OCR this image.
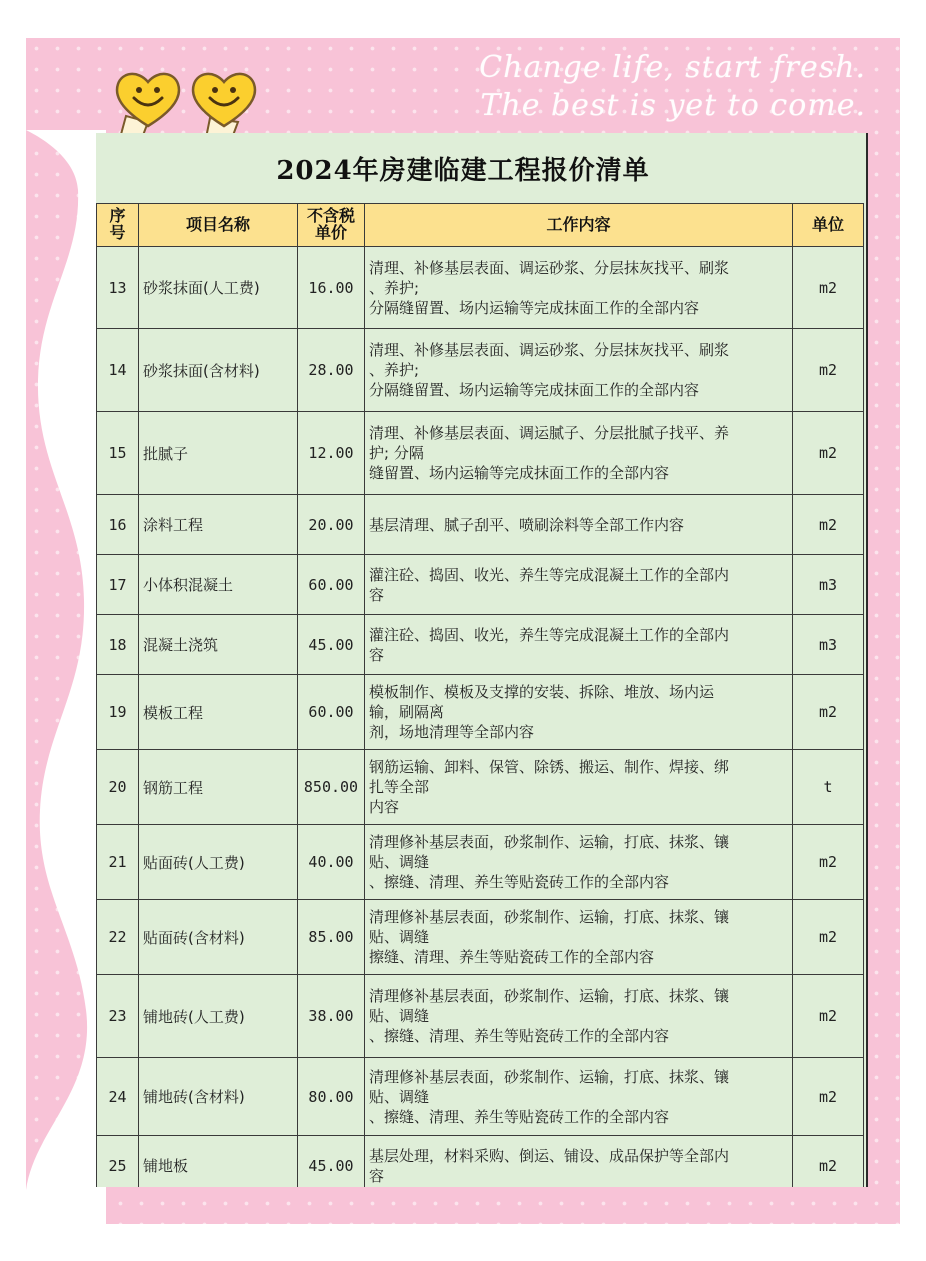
Change life, start fresh.
The best is yet to come.
2024年房建临建工程报价清单
序号	项目名称	不含税单价	工作内容	单位
13	砂浆抹面(人工费)	16.00	清理、补修基层表面、调运砂浆、分层抹灰找平、刷浆
、养护;
分隔缝留置、场内运输等完成抹面工作的全部内容	m2
14	砂浆抹面(含材料)	28.00	清理、补修基层表面、调运砂浆、分层抹灰找平、刷浆
、养护;
分隔缝留置、场内运输等完成抹面工作的全部内容	m2
15	批腻子	12.00	清理、补修基层表面、调运腻子、分层批腻子找平、养
护; 分隔
缝留置、场内运输等完成抹面工作的全部内容	m2
16	涂料工程	20.00	基层清理、腻子刮平、喷刷涂料等全部工作内容	m2
17	小体积混凝土	60.00	灌注砼、捣固、收光、养生等完成混凝土工作的全部内
容	m3
18	混凝土浇筑	45.00	灌注砼、捣固、收光，养生等完成混凝土工作的全部内
容	m3
19	模板工程	60.00	模板制作、模板及支撑的安装、拆除、堆放、场内运
输，刷隔离
剂，场地清理等全部内容	m2
20	钢筋工程	850.00	钢筋运输、卸料、保管、除锈、搬运、制作、焊接、绑
扎等全部
内容	t
21	贴面砖(人工费)	40.00	清理修补基层表面，砂浆制作、运输，打底、抹浆、镶
贴、调缝
、擦缝、清理、养生等贴瓷砖工作的全部内容	m2
22	贴面砖(含材料)	85.00	清理修补基层表面，砂浆制作、运输，打底、抹浆、镶
贴、调缝
擦缝、清理、养生等贴瓷砖工作的全部内容	m2
23	铺地砖(人工费)	38.00	清理修补基层表面，砂浆制作、运输，打底、抹浆、镶
贴、调缝
、擦缝、清理、养生等贴瓷砖工作的全部内容	m2
24	铺地砖(含材料)	80.00	清理修补基层表面，砂浆制作、运输，打底、抹浆、镶
贴、调缝
、擦缝、清理、养生等贴瓷砖工作的全部内容	m2
25	铺地板	45.00	基层处理，材料采购、倒运、铺设、成品保护等全部内
容	m2
